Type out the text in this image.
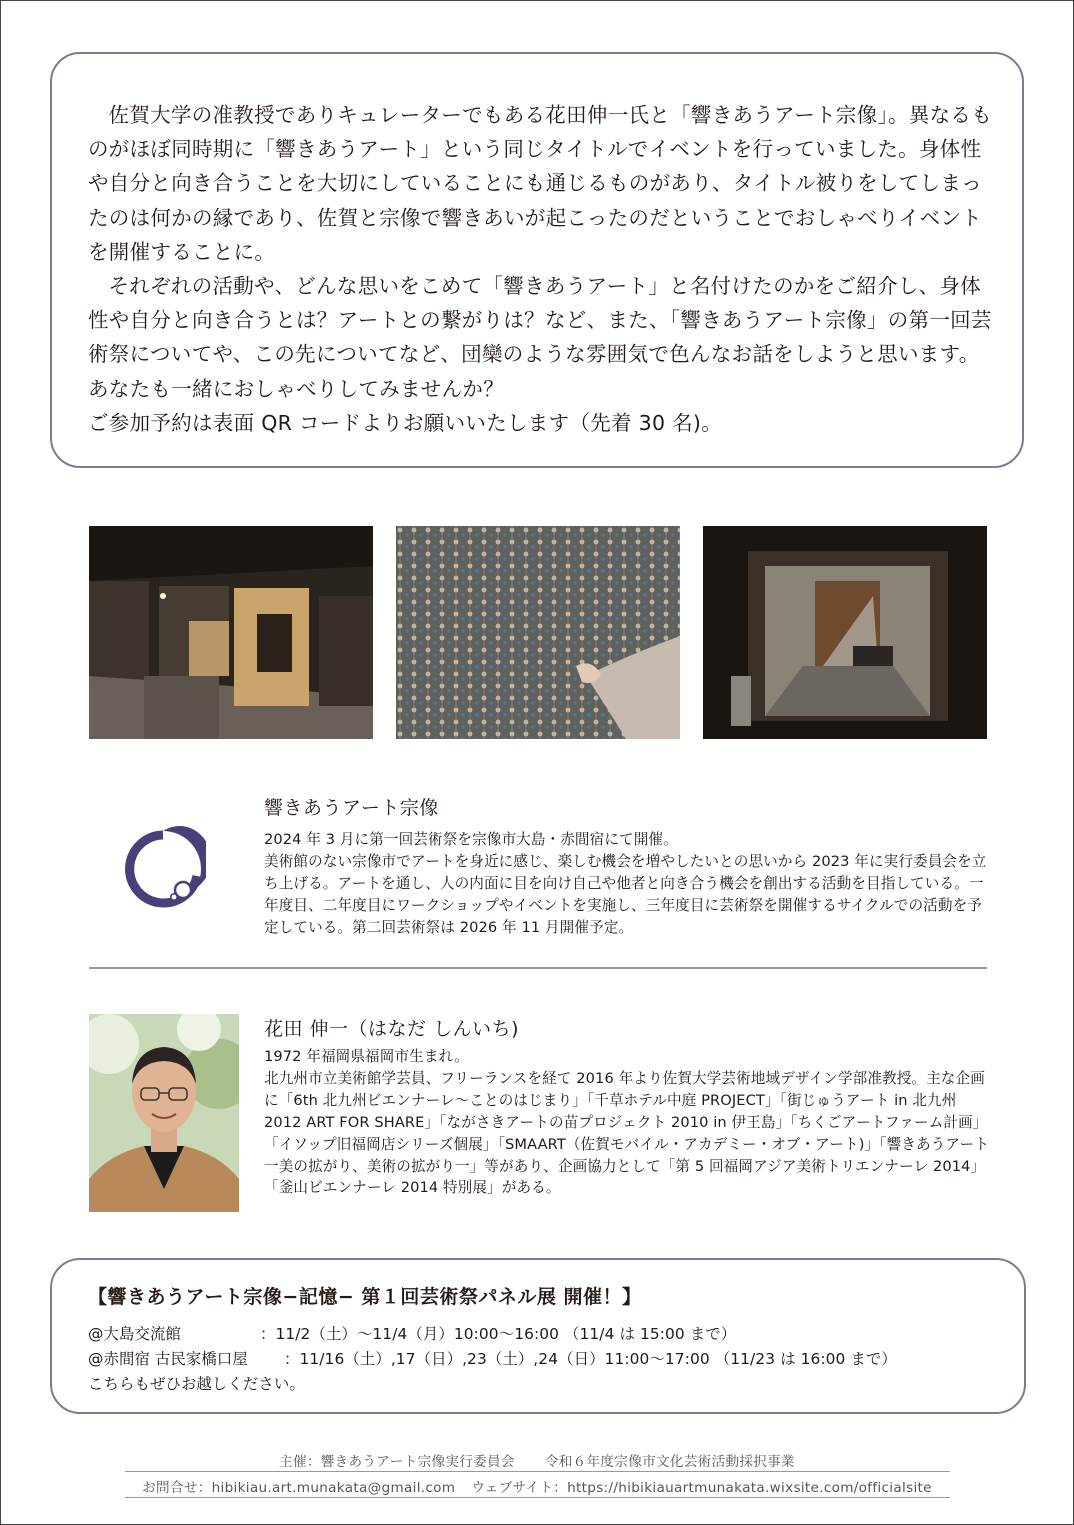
佐賀大学の准教授でありキュレーターでもある花田伸一氏と「響きあうアート宗像」。異なるものがほぼ同時期に「響きあうアート」という同じタイトルでイベントを行っていました。身体性や自分と向き合うことを大切にしていることにも通じるものがあり、タイトル被りをしてしまったのは何かの縁であり、佐賀と宗像で響きあいが起こったのだということでおしゃべりイベントを開催することに。

それぞれの活動や、どんな思いをこめて「響きあうアート」と名付けたのかをご紹介し、身体性や自分と向き合うとは？アートとの繋がりは？など、また、「響きあうアート宗像」の第一回芸術祭についてや、この先についてなど、団欒のような雰囲気で色んなお話をしようと思います。あなたも一緒におしゃべりしてみませんか？

ご参加予約は表面 QR コードよりお願いいたします（先着 30 名)。

響きあうアート宗像

2024 年 3 月に第一回芸術祭を宗像市大島・赤間宿にて開催。

美術館のない宗像市でアートを身近に感じ、楽しむ機会を増やしたいとの思いから 2023 年に実行委員会を立ち上げる。アートを通し、人の内面に目を向け自己や他者と向き合う機会を創出する活動を目指している。一年度目、二年度目にワークショップやイベントを実施し、三年度目に芸術祭を開催するサイクルでの活動を予定している。第二回芸術祭は 2026 年 11 月開催予定。

花田 伸一（はなだ しんいち)

1972 年福岡県福岡市生まれ。

北九州市立美術館学芸員、フリーランスを経て 2016 年より佐賀大学芸術地域デザイン学部准教授。主な企画に「6th 北九州ビエンナーレ〜ことのはじまり」「千草ホテル中庭 PROJECT」「街じゅうアート in 北九州 2012 ART FOR SHARE」「ながさきアートの苗プロジェクト 2010 in 伊王島」「ちくごアートファーム計画」「イソップ旧福岡店シリーズ個展」「SMAART（佐賀モバイル・アカデミー・オブ・アート)」「響きあうアート一美の拡がり、美術の拡がり一」等があり、企画協力として「第 5 回福岡アジア美術トリエンナーレ 2014」「釜山ビエンナーレ 2014 特別展」がある。

【響きあうアート宗像−記憶− 第１回芸術祭パネル展 開催！】
@大島交流館	：11/2（土）〜11/4（月）10:00〜16:00 （11/4 は 15:00 まで）
@赤間宿 古民家橋口屋 ：11/16（土）,17（日）,23（土）,24（日）11:00〜17:00 （11/23 は 16:00 まで）
こちらもぜひお越しください。
主催：響きあうアート宗像実行委員会 令和６年度宗像市文化芸術活動採択事業
お問合せ：hibikiau.art.munakata@gmail.com ウェブサイト：https://hibikiauartmunakata.wixsite.com/officialsite
